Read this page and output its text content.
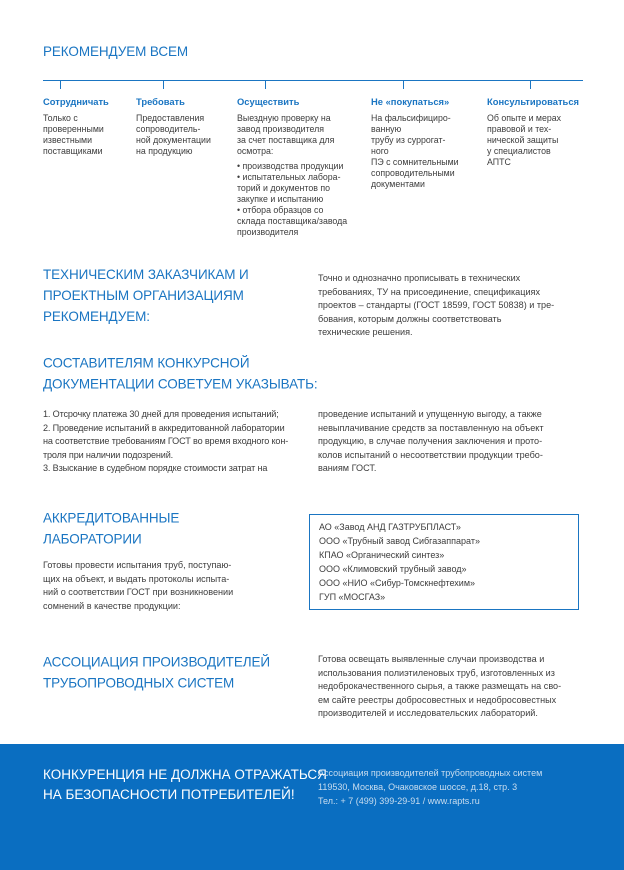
РЕКОМЕНДУЕМ ВСЕМ
Сотрудничать
Только с
проверенными
известными
поставщиками
Требовать
Предоставления
сопроводитель-
ной документации
на продукцию
Осуществить
Выездную проверку на
завод производителя
за счет поставщика для
осмотра:
• производства продукции
• испытательных лабора-
торий и документов по
закупке и испытанию
• отбора образцов со
склада поставщика/завода
производителя
Не «покупаться»
На фальсифициро-
ванную
трубу из суррогат-
ного
ПЭ с сомнительными
сопроводительными
документами
Консультироваться
Об опыте и мерах
правовой и тех-
нической защиты
у специалистов
АПТС
ТЕХНИЧЕСКИМ ЗАКАЗЧИКАМ И
ПРОЕКТНЫМ ОРГАНИЗАЦИЯМ
РЕКОМЕНДУЕМ:
Точно и однозначно прописывать в технических
требованиях, ТУ на присоединение, спецификациях
проектов – стандарты (ГОСТ 18599, ГОСТ 50838) и тре-
бования, которым должны соответствовать
технические решения.
СОСТАВИТЕЛЯМ КОНКУРСНОЙ
ДОКУМЕНТАЦИИ СОВЕТУЕМ УКАЗЫВАТЬ:
1. Отсрочку платежа 30 дней для проведения испытаний;
2. Проведение испытаний в аккредитованной лаборатории
на соответствие требованиям ГОСТ во время входного кон-
троля при наличии подозрений.
3. Взыскание в судебном порядке стоимости затрат на
проведение испытаний и упущенную выгоду, а также
невыплачивание средств за поставленную на объект
продукцию, в случае получения заключения и прото-
колов испытаний о несоответствии продукции требо-
ваниям ГОСТ.
АККРЕДИТОВАННЫЕ
ЛАБОРАТОРИИ
Готовы провести испытания труб, поступаю-
щих на объект, и выдать протоколы испыта-
ний о соответствии ГОСТ при возникновении
сомнений в качестве продукции:
АО «Завод АНД ГАЗТРУБПЛАСТ»
ООО «Трубный завод Сибгазаппарат»
КПАО «Органический синтез»
ООО «Климовский трубный завод»
ООО «НИО «Сибур-Томскнефтехим»
ГУП «МОСГАЗ»
АССОЦИАЦИЯ ПРОИЗВОДИТЕЛЕЙ
ТРУБОПРОВОДНЫХ СИСТЕМ
Готова освещать выявленные случаи производства и
использования полиэтиленовых труб, изготовленных из
недоброкачественного сырья, а также размещать на сво-
ем сайте реестры добросовестных и недобросовестных
производителей и исследовательских лабораторий.
КОНКУРЕНЦИЯ НЕ ДОЛЖНА ОТРАЖАТЬСЯ
НА БЕЗОПАСНОСТИ ПОТРЕБИТЕЛЕЙ!
Ассоциация производителей трубопроводных систем
119530, Москва, Очаковское шоссе, д.18, стр. 3
Тел.: + 7 (499) 399-29-91 / www.rapts.ru
